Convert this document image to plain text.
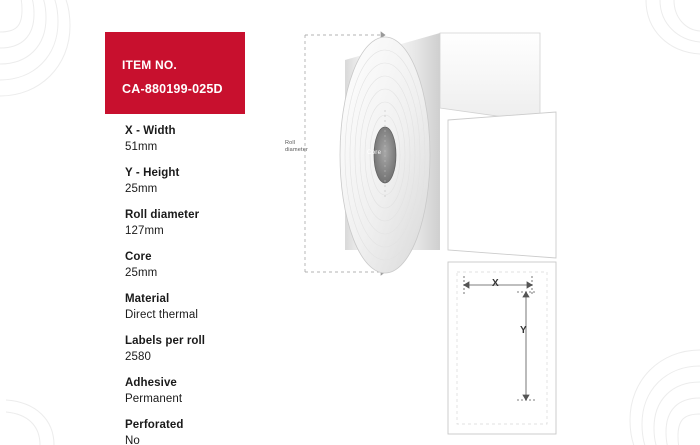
ITEM NO.
CA-880199-025D
X - Width
51mm
Y - Height
25mm
Roll diameter
127mm
Core
25mm
Material
Direct thermal
Labels per roll
2580
Adhesive
Permanent
Perforated
No
Roll diameter	Core
X
Y
